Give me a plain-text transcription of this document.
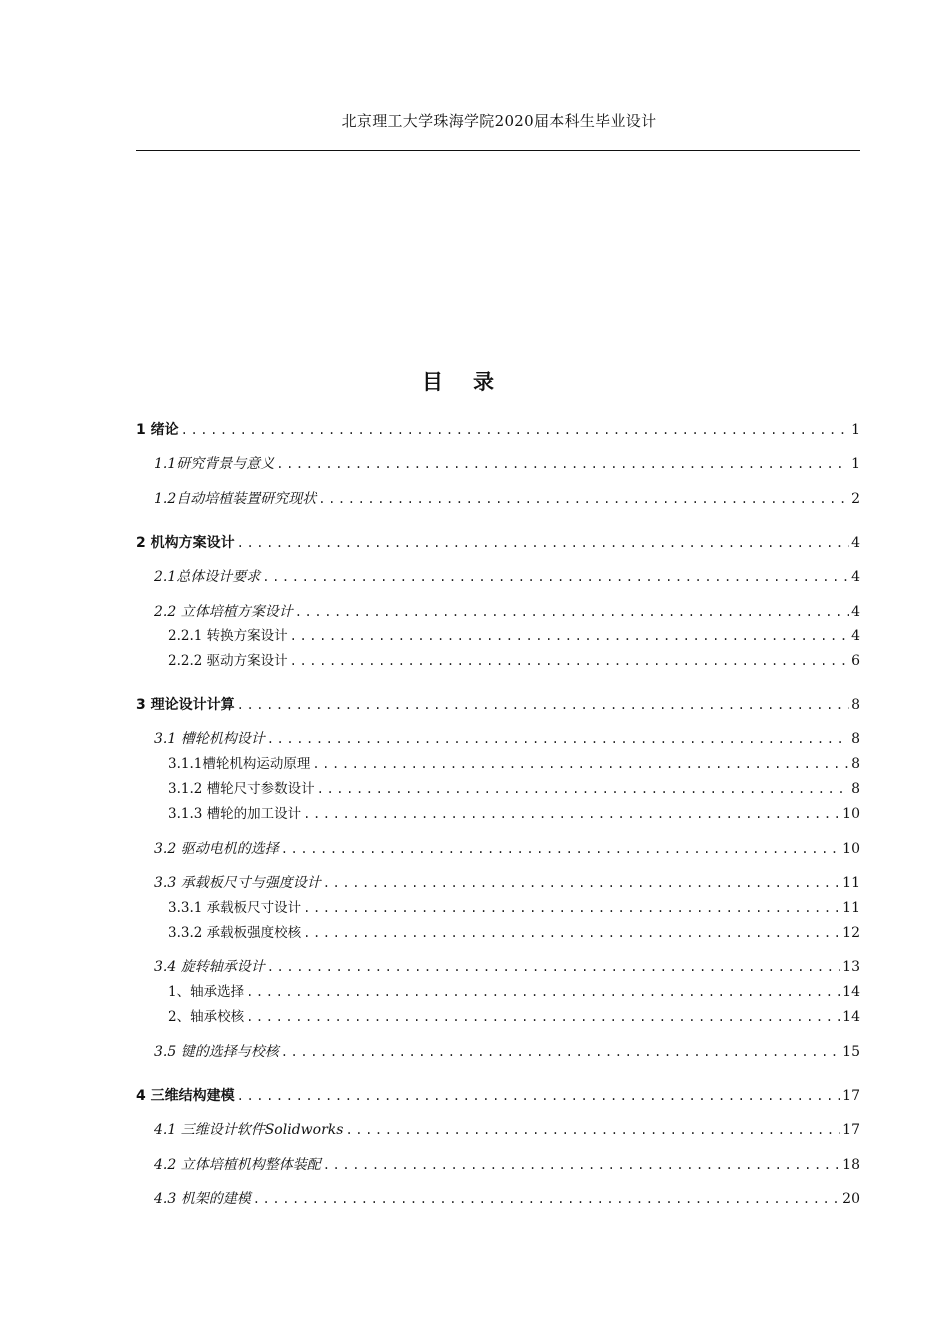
北京理工大学珠海学院2020届本科生毕业设计
目录
1 绪论 .....	1
1.1研究背景与意义 .....	1
1.2自动培植装置研究现状 .....	2
2 机构方案设计 .....	4
2.1总体设计要求 .....	4
2.2 立体培植方案设计 .....	4
2.2.1 转换方案设计 .....	4
2.2.2 驱动方案设计 .....	6
3 理论设计计算 .....	8
3.1 槽轮机构设计 .....	8
3.1.1槽轮机构运动原理 .....	8
3.1.2 槽轮尺寸参数设计 .....	8
3.1.3 槽轮的加工设计 .....	10
3.2 驱动电机的选择 .....	10
3.3 承载板尺寸与强度设计 .....	11
3.3.1 承载板尺寸设计 .....	11
3.3.2 承载板强度校核 .....	12
3.4 旋转轴承设计 .....	13
1、轴承选择 .....	14
2、轴承校核 .....	14
3.5 键的选择与校核 .....	15
4 三维结构建模 .....	17
4.1 三维设计软件Solidworks .....	17
4.2 立体培植机构整体装配 .....	18
4.3 机架的建模 .....	20
